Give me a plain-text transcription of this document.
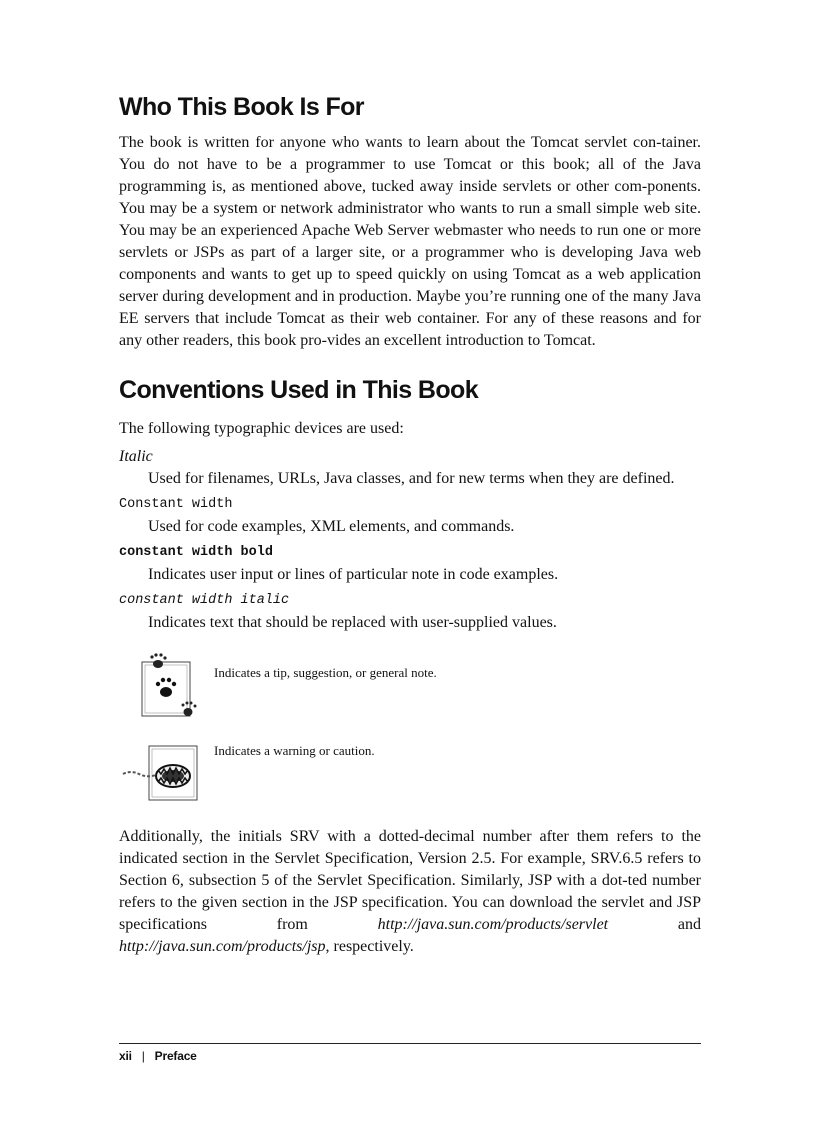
Who This Book Is For

The book is written for anyone who wants to learn about the Tomcat servlet con-tainer. You do not have to be a programmer to use Tomcat or this book; all of the Java programming is, as mentioned above, tucked away inside servlets or other com-ponents. You may be a system or network administrator who wants to run a small simple web site. You may be an experienced Apache Web Server webmaster who needs to run one or more servlets or JSPs as part of a larger site, or a programmer who is developing Java web components and wants to get up to speed quickly on using Tomcat as a web application server during development and in production. Maybe you’re running one of the many Java EE servers that include Tomcat as their web container. For any of these reasons and for any other readers, this book pro-vides an excellent introduction to Tomcat.

Conventions Used in This Book

The following typographic devices are used:

Italic
Used for filenames, URLs, Java classes, and for new terms when they are defined.
Constant width
Used for code examples, XML elements, and commands.
constant width bold
Indicates user input or lines of particular note in code examples.
constant width italic
Indicates text that should be replaced with user-supplied values.
Indicates a tip, suggestion, or general note.
Indicates a warning or caution.

Additionally, the initials SRV with a dotted-decimal number after them refers to the indicated section in the Servlet Specification, Version 2.5. For example, SRV.6.5 refers to Section 6, subsection 5 of the Servlet Specification. Similarly, JSP with a dot-ted number refers to the given section in the JSP specification. You can download the servlet and JSP specifications from http://java.sun.com/products/servlet and http://java.sun.com/products/jsp, respectively.

xii | Preface
